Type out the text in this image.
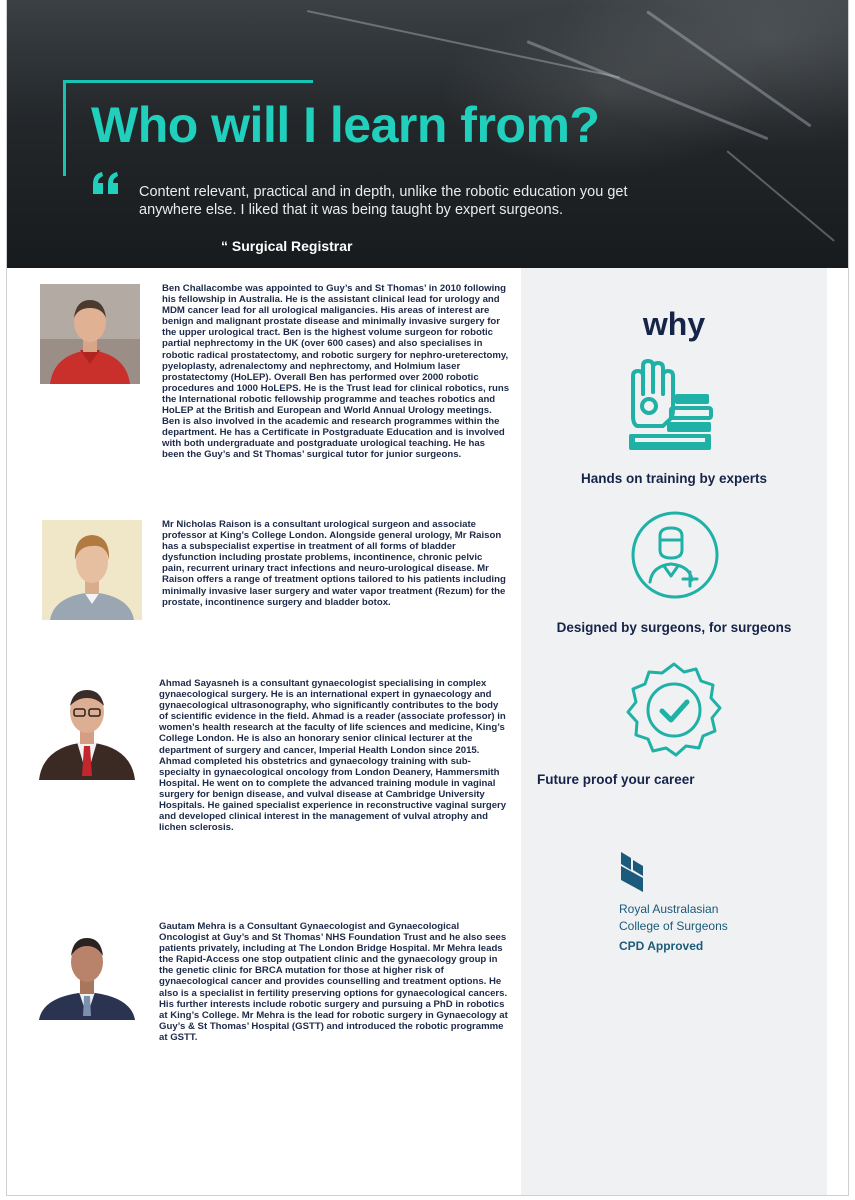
Who will I learn from?
Content relevant, practical and in depth, unlike the robotic education you get anywhere else. I liked that it was being taught by expert surgeons.
“ Surgical Registrar
Ben Challacombe was appointed to Guy’s and St Thomas’ in 2010 following his fellowship in Australia. He is the assistant clinical lead for urology and MDM cancer lead for all urological maligancies. His areas of interest are benign and malignant prostate disease and minimally invasive surgery for the upper urological tract. Ben is the highest volume surgeon for robotic partial nephrectomy in the UK (over 600 cases) and also specialises in robotic radical prostatectomy, and robotic surgery for nephro-ureterectomy, pyeloplasty, adrenalectomy and nephrectomy, and Holmium laser prostatectomy (HoLEP). Overall Ben has performed over 2000 robotic procedures and 1000 HoLEPS. He is the Trust lead for clinical robotics, runs the International robotic fellowship programme and teaches robotics and HoLEP at the British and European and World Annual Urology meetings. Ben is also involved in the academic and research programmes within the department. He has a Certificate in Postgraduate Education and is involved with both undergraduate and postgraduate urological teaching. He has been the Guy’s and St Thomas’ surgical tutor for junior surgeons.
Mr Nicholas Raison is a consultant urological surgeon and associate professor at King’s College London. Alongside general urology, Mr Raison has a subspecialist expertise in treatment of all forms of bladder dysfunction including prostate problems, incontinence, chronic pelvic pain, recurrent urinary tract infections and neuro-urological disease. Mr Raison offers a range of treatment options tailored to his patients including minimally invasive laser surgery and water vapor treatment (Rezum) for the prostate, incontinence surgery and bladder botox.
Ahmad Sayasneh is a consultant gynaecologist specialising in complex gynaecological surgery. He is an international expert in gynaecology and gynaecological ultrasonography, who significantly contributes to the body of scientific evidence in the field. Ahmad is a reader (associate professor) in women’s health research at the faculty of life sciences and medicine, King’s College London. He is also an honorary senior clinical lecturer at the department of surgery and cancer, Imperial Health London since 2015. Ahmad completed his obstetrics and gynaecology training with sub-specialty in gynaecological oncology from London Deanery, Hammersmith Hospital. He went on to complete the advanced training module in vaginal surgery for benign disease, and vulval disease at Cambridge University Hospitals. He gained specialist experience in reconstructive vaginal surgery and developed clinical interest in the management of vulval atrophy and lichen sclerosis.
Gautam Mehra is a Consultant Gynaecologist and Gynaecological Oncologist at Guy’s and St Thomas’ NHS Foundation Trust and he also sees patients privately, including at The London Bridge Hospital. Mr Mehra leads the Rapid-Access one stop outpatient clinic and the gynaecology group in the genetic clinic for BRCA mutation for those at higher risk of gynaecological cancer and provides counselling and treatment options. He also is a specialist in fertility preserving options for gynaecological cancers. His further interests include robotic surgery and pursuing a PhD in robotics at King’s College. Mr Mehra is the lead for robotic surgery in Gynaecology at Guy’s & St Thomas’ Hospital (GSTT) and introduced the robotic programme at GSTT.
why
Hands on training by experts
Designed by surgeons, for surgeons
Future proof your career
Royal Australasian
College of Surgeons
CPD Approved
